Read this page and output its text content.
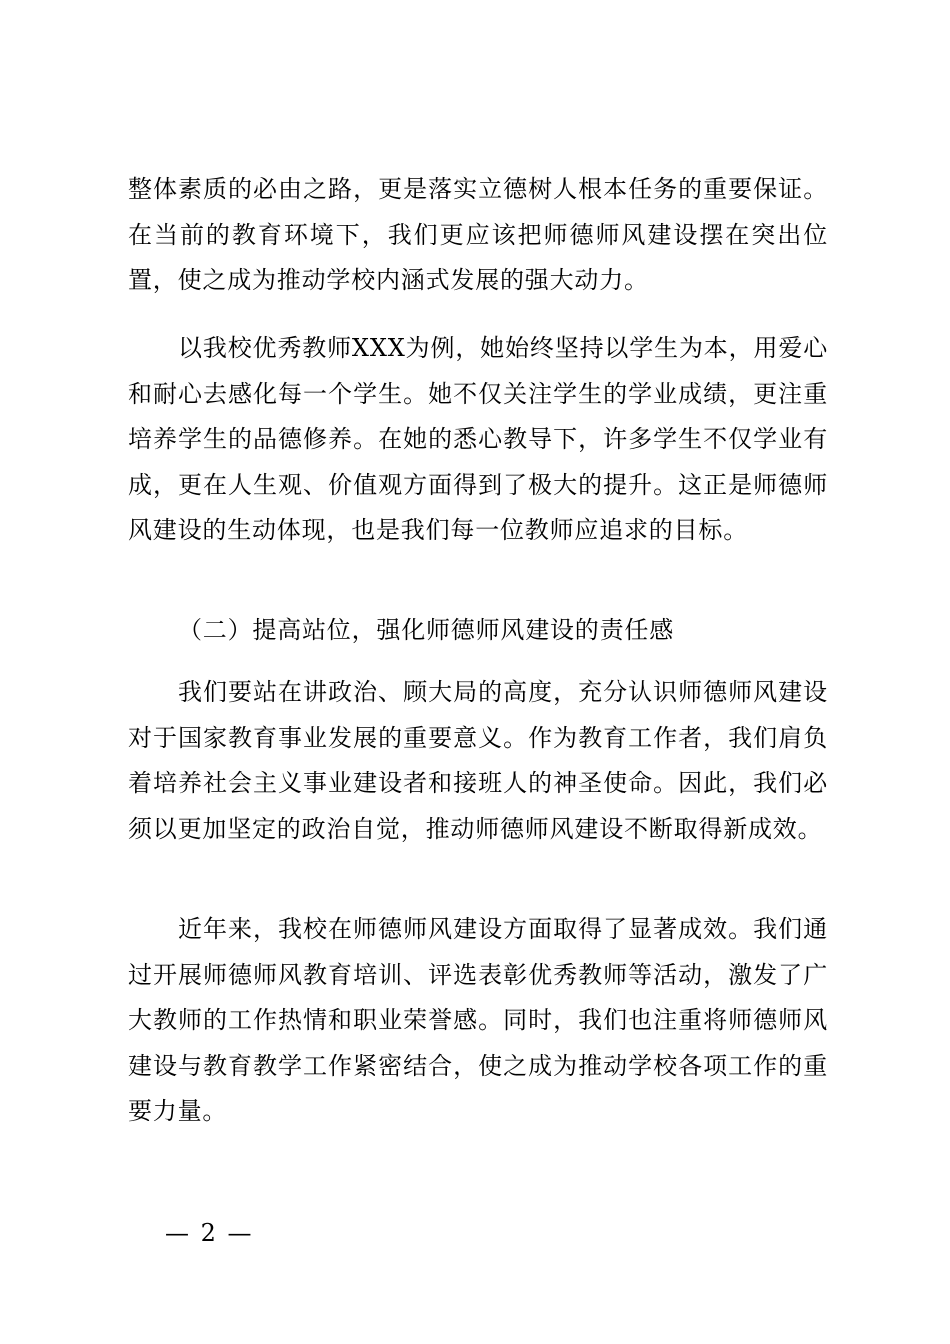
整体素质的必由之路，更是落实立德树人根本任务的重要保证。在当前的教育环境下，我们更应该把师德师风建设摆在突出位置，使之成为推动学校内涵式发展的强大动力。

以我校优秀教师XXX为例，她始终坚持以学生为本，用爱心和耐心去感化每一个学生。她不仅关注学生的学业成绩，更注重培养学生的品德修养。在她的悉心教导下，许多学生不仅学业有成，更在人生观、价值观方面得到了极大的提升。这正是师德师风建设的生动体现，也是我们每一位教师应追求的目标。

（二）提高站位，强化师德师风建设的责任感

我们要站在讲政治、顾大局的高度，充分认识师德师风建设对于国家教育事业发展的重要意义。作为教育工作者，我们肩负着培养社会主义事业建设者和接班人的神圣使命。因此，我们必须以更加坚定的政治自觉，推动师德师风建设不断取得新成效。

近年来，我校在师德师风建设方面取得了显著成效。我们通过开展师德师风教育培训、评选表彰优秀教师等活动，激发了广大教师的工作热情和职业荣誉感。同时，我们也注重将师德师风建设与教育教学工作紧密结合，使之成为推动学校各项工作的重要力量。

— 2 —
